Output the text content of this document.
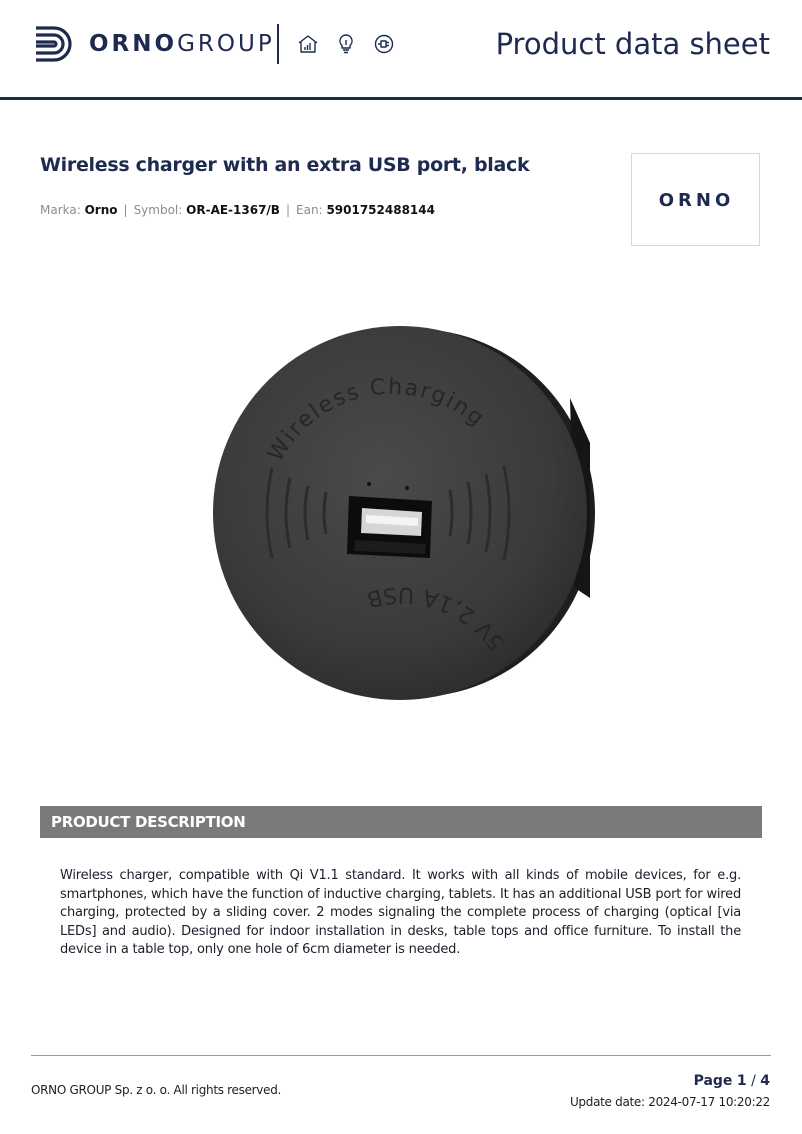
ORNOGROUP	Product data sheet
Wireless charger with an extra USB port, black
Marka: Orno | Symbol: OR-AE-1367/B | Ean: 5901752488144	ORNO
Wireless Charging
5V 2,1A USB
PRODUCT DESCRIPTION
Wireless charger, compatible with Qi V1.1 standard. It works with all kinds of mobile devices, for e.g. smartphones, which have the function of inductive charging, tablets. It has an additional USB port for wired charging, protected by a sliding cover. 2 modes signaling the complete process of charging (optical [via LEDs] and audio). Designed for indoor installation in desks, table tops and office furniture. To install the device in a table top, only one hole of 6cm diameter is needed.
ORNO GROUP Sp. z o. o. All rights reserved.
Page 1 / 4
Update date: 2024-07-17 10:20:22
